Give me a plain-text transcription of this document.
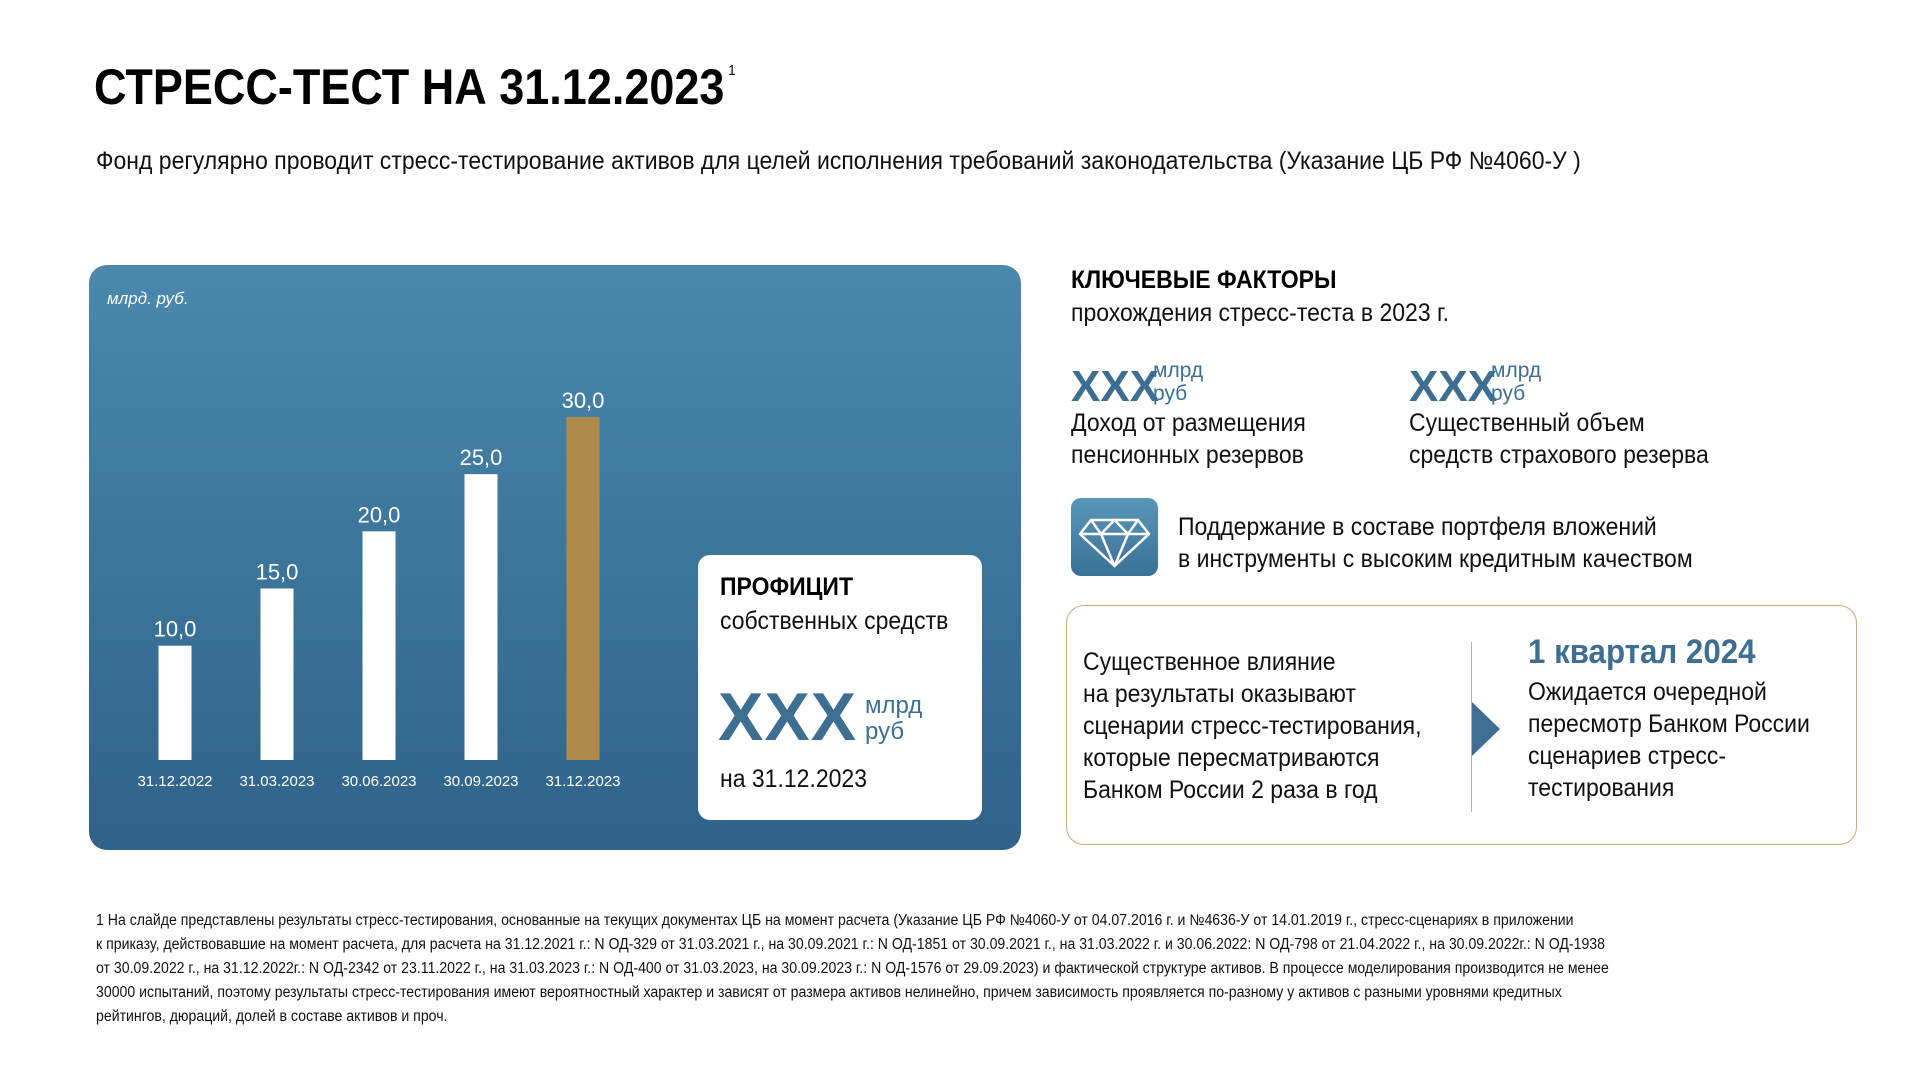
СТРЕСС-ТЕСТ НА 31.12.2023 $^1$

Фонд регулярно проводит стресс-тестирование активов для целей исполнения требований законодательства (Указание ЦБ РФ №4060-У )

млрд. руб.
10,0
31.12.2022
15,0
31.03.2023
20,0
30.06.2023
25,0
30.09.2023
30,0
31.12.2023
ПРОФИЦИТ
собственных средств
XXX млрд
руб
на 31.12.2023
КЛЮЧЕВЫЕ ФАКТОРЫ
прохождения стресс-теста в 2023 г.
XXX
млрд
руб
Доход от размещения
пенсионных резервов
XXX
млрд
руб
Существенный объем
средств страхового резерва
Поддержание в составе портфеля вложений
в инструменты с высоким кредитным качеством
Существенное влияние
на результаты оказывают
сценарии стресс-тестирования,
которые пересматриваются
Банком России 2 раза в год
1 квартал 2024
Ожидается очередной
пересмотр Банком России
сценариев стресс-
тестирования
1 На слайде представлены результаты стресс-тестирования, основанные на текущих документах ЦБ на момент расчета (Указание ЦБ РФ №4060-У от 04.07.2016 г. и №4636-У от 14.01.2019 г., стресс-сценариях в приложении
к приказу, действовавшие на момент расчета, для расчета на 31.12.2021 г.: N ОД-329 от 31.03.2021 г., на 30.09.2021 г.: N ОД-1851 от 30.09.2021 г., на 31.03.2022 г. и 30.06.2022: N ОД-798 от 21.04.2022 г., на 30.09.2022г.: N ОД-1938
от 30.09.2022 г., на 31.12.2022г.: N ОД-2342 от 23.11.2022 г., на 31.03.2023 г.: N ОД-400 от 31.03.2023, на 30.09.2023 г.: N ОД-1576 от 29.09.2023) и фактической структуре активов. В процессе моделирования производится не менее
30000 испытаний, поэтому результаты стресс-тестирования имеют вероятностный характер и зависят от размера активов нелинейно, причем зависимость проявляется по-разному у активов с разными уровнями кредитных
рейтингов, дюраций, долей в составе активов и проч.
